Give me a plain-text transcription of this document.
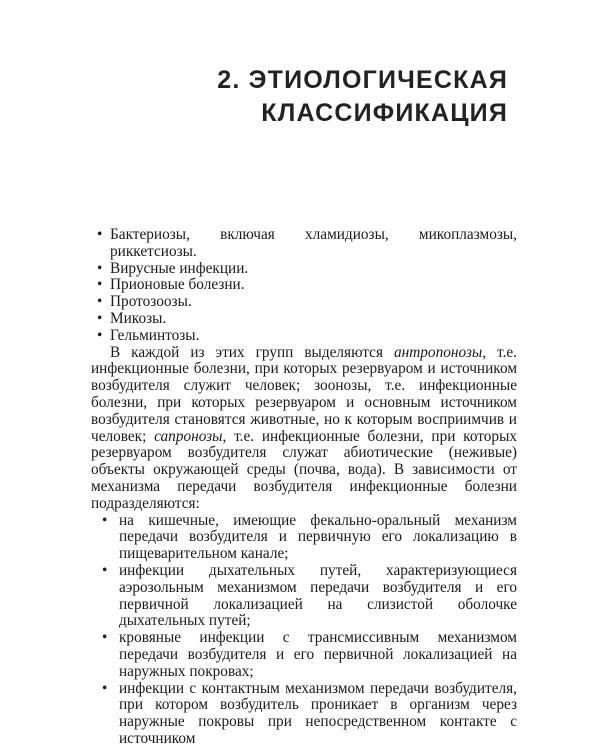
2. ЭТИОЛОГИЧЕСКАЯ
КЛАССИФИКАЦИЯ
• Бактериозы, включая хламидиозы, микоплазмозы, риккетсиозы.
• Вирусные инфекции.
• Прионовые болезни.
• Протозоозы.
• Микозы.
• Гельминтозы.

В каждой из этих групп выделяются антропонозы, т.е. инфекционные болезни, при которых резервуаром и источником возбудителя служит человек; зоонозы, т.е. инфекционные болезни, при которых резервуаром и основным источником возбудителя становятся животные, но к которым восприимчив и человек; сапронозы, т.е. инфекционные болезни, при которых резервуаром возбудителя служат абиотические (неживые) объекты окружающей среды (почва, вода). В зависимости от механизма передачи возбудителя инфекционные болезни подразделяются:

• на кишечные, имеющие фекально-оральный механизм передачи возбудителя и первичную его локализацию в пищеварительном канале;
• инфекции дыхательных путей, характеризующиеся аэрозольным механизмом передачи возбудителя и его первичной локализацией на слизистой оболочке дыхательных путей;
• кровяные инфекции с трансмиссивным механизмом передачи возбудителя и его первичной локализацией на наружных покровах;
• инфекции с контактным механизмом передачи возбудителя, при котором возбудитель проникает в организм через наружные покровы при непосредственном контакте с источником
